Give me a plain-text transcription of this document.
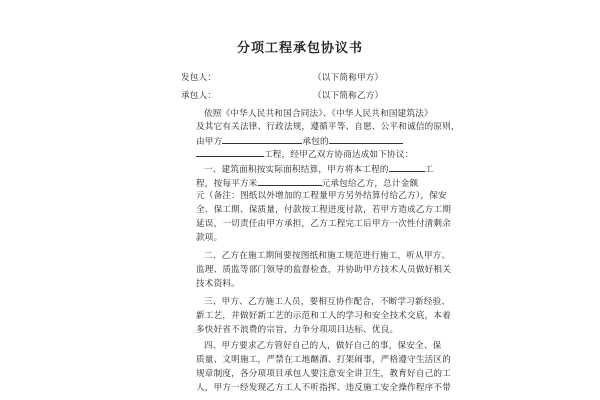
分项工程承包协议书
发包人：	（以下简称甲方）
承包人：	（以下简称乙方）
依照《中华人民共和国合同法》、《中华人民共和国建筑法》
及其它有关法律、行政法规，遵循平等、自愿、公平和诚信的原则，
由甲方	承包的
工程，经甲乙双方协商达成如下协议：
一、建筑面积按实际面积结算，甲方将本工程的	工
程，按每平方米	元承包给乙方，总计金额
元（备注：图纸以外增加的工程量甲方另外结算付给乙方），保安
全、保工期、保质量，付款按工程进度付款，若甲方造成乙方工期
延误，一切责任由甲方承担，乙方工程完工后甲方一次性付清剩余
款项。
二、乙方在施工期间要按图纸和施工规范进行施工，听从甲方、
监理、质监等部门领导的监督检查，并协助甲方技术人员做好相关
技术资料。
三、甲方、乙方施工人员，要相互协作配合，不断学习新经验、
新工艺，并做好新工艺的示范和工人的学习和安全技术交底，本着
多快好省不浪费的宗旨，力争分项项目达标、优良。
四、甲方要求乙方管好自己的人，做好自己的事，保安全、保
质量、文明施工，严禁在工地酗酒、打架闹事，严格遵守生活区的
规章制度，各分项项目承包人要注意安全讲卫生，教育好自己的工
人，甲方一经发现乙方工人不听指挥、违反施工安全操作程序不带
